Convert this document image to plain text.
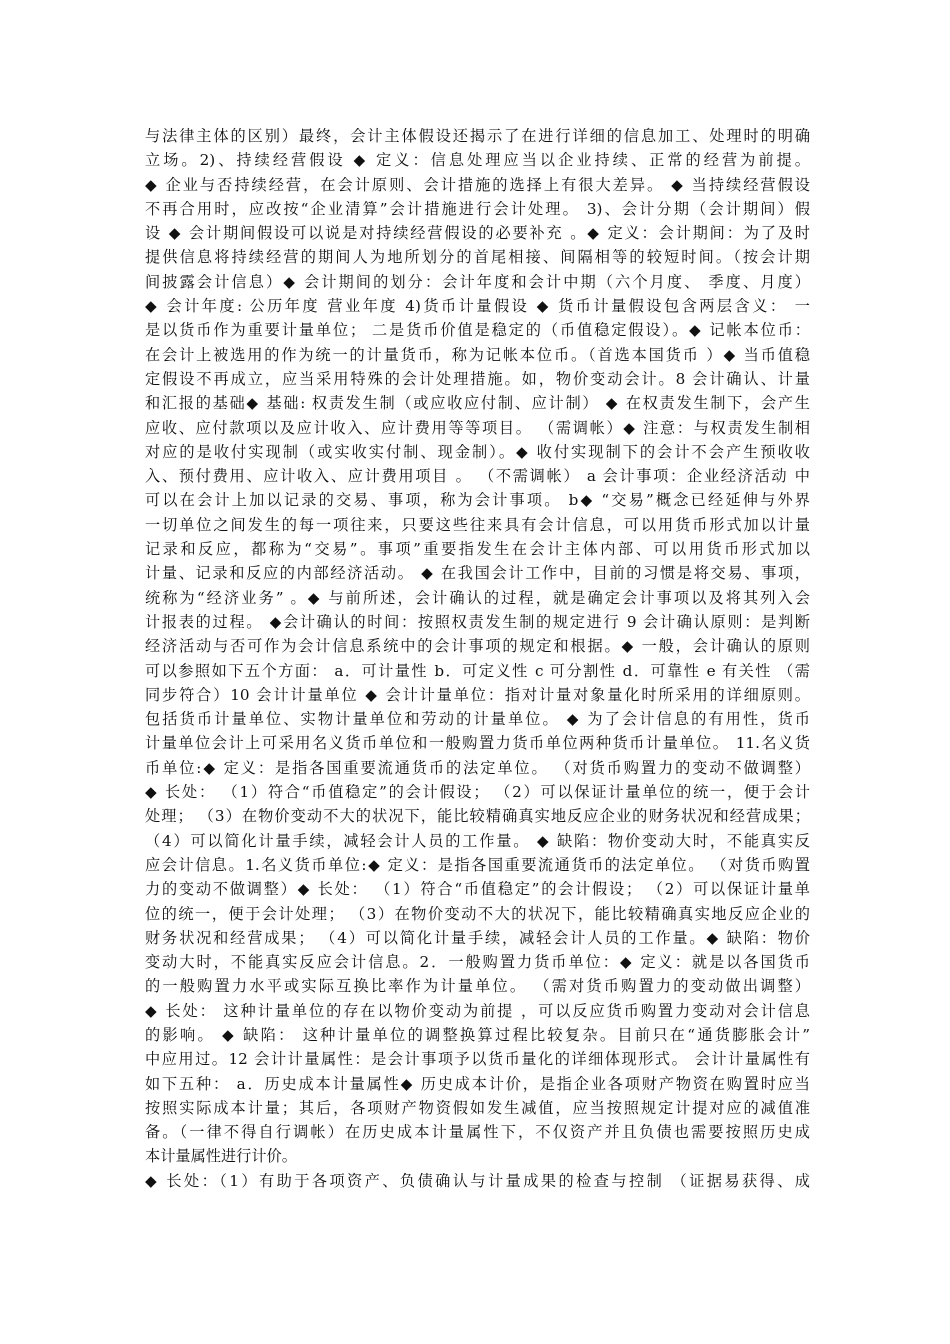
与法律主体的区别）最终，会计主体假设还揭示了在进行详细的信息加工、处理时的明确
立场。2)、持续经营假设 ◆ 定义：信息处理应当以企业持续、正常的经营为前提。
◆ 企业与否持续经营，在会计原则、会计措施的选择上有很大差异。 ◆ 当持续经营假设
不再合用时，应改按“企业清算”会计措施进行会计处理。 3)、会计分期（会计期间）假
设 ◆ 会计期间假设可以说是对持续经营假设的必要补充 。◆ 定义：会计期间：为了及时
提供信息将持续经营的期间人为地所划分的首尾相接、间隔相等的较短时间。（按会计期
间披露会计信息）◆ 会计期间的划分：会计年度和会计中期（六个月度、 季度、月度）
◆ 会计年度: 公历年度 营业年度 4)货币计量假设 ◆ 货币计量假设包含两层含义： 一
是以货币作为重要计量单位； 二是货币价值是稳定的（币值稳定假设）。◆ 记帐本位币：
在会计上被选用的作为统一的计量货币，称为记帐本位币。（首选本国货币 ）◆ 当币值稳
定假设不再成立，应当采用特殊的会计处理措施。如，物价变动会计。8 会计确认、计量
和汇报的基础◆ 基础: 权责发生制（或应收应付制、应计制） ◆ 在权责发生制下，会产生
应收、应付款项以及应计收入、应计费用等等项目。 （需调帐）◆ 注意：与权责发生制相
对应的是收付实现制（或实收实付制、现金制）。◆ 收付实现制下的会计不会产生预收收
入、预付费用、应计收入、应计费用项目 。 （不需调帐） a 会计事项：企业经济活动 中
可以在会计上加以记录的交易、事项，称为会计事项。 b◆ “交易”概念已经延伸与外界
一切单位之间发生的每一项往来，只要这些往来具有会计信息，可以用货币形式加以计量
记录和反应，都称为“交易”。事项”重要指发生在会计主体内部、可以用货币形式加以
计量、记录和反应的内部经济活动。 ◆ 在我国会计工作中，目前的习惯是将交易、事项，
统称为“经济业务” 。◆ 与前所述，会计确认的过程，就是确定会计事项以及将其列入会
计报表的过程。 ◆会计确认的时间：按照权责发生制的规定进行 9 会计确认原则：是判断
经济活动与否可作为会计信息系统中的会计事项的规定和根据。◆ 一般，会计确认的原则
可以参照如下五个方面： a．可计量性 b．可定义性 c 可分割性 d．可靠性 e 有关性 （需
同步符合）10 会计计量单位 ◆ 会计计量单位：指对计量对象量化时所采用的详细原则。
包括货币计量单位、实物计量单位和劳动的计量单位。 ◆ 为了会计信息的有用性，货币
计量单位会计上可采用名义货币单位和一般购置力货币单位两种货币计量单位。 11.名义货
币单位:◆ 定义：是指各国重要流通货币的法定单位。 （对货币购置力的变动不做调整）
◆ 长处： （1）符合“币值稳定”的会计假设； （2）可以保证计量单位的统一，便于会计
处理； （3）在物价变动不大的状况下，能比较精确真实地反应企业的财务状况和经营成果；
（4）可以简化计量手续，减轻会计人员的工作量。 ◆ 缺陷：物价变动大时，不能真实反
应会计信息。1.名义货币单位:◆ 定义：是指各国重要流通货币的法定单位。 （对货币购置
力的变动不做调整）◆ 长处： （1）符合“币值稳定”的会计假设； （2）可以保证计量单
位的统一，便于会计处理； （3）在物价变动不大的状况下，能比较精确真实地反应企业的
财务状况和经营成果； （4）可以简化计量手续，减轻会计人员的工作量。◆ 缺陷：物价
变动大时，不能真实反应会计信息。2．一般购置力货币单位：◆ 定义：就是以各国货币
的一般购置力水平或实际互换比率作为计量单位。 （需对货币购置力的变动做出调整）
◆ 长处： 这种计量单位的存在以物价变动为前提 ，可以反应货币购置力变动对会计信息
的影响。 ◆ 缺陷： 这种计量单位的调整换算过程比较复杂。目前只在“通货膨胀会计”
中应用过。12 会计计量属性：是会计事项予以货币量化的详细体现形式。 会计计量属性有
如下五种： a．历史成本计量属性◆ 历史成本计价，是指企业各项财产物资在购置时应当
按照实际成本计量；其后，各项财产物资假如发生减值，应当按照规定计提对应的减值准
备。（一律不得自行调帐）在历史成本计量属性下，不仅资产并且负债也需要按照历史成
本计量属性进行计价。
◆ 长处：（1）有助于各项资产、负债确认与计量成果的检查与控制 （证据易获得、成
